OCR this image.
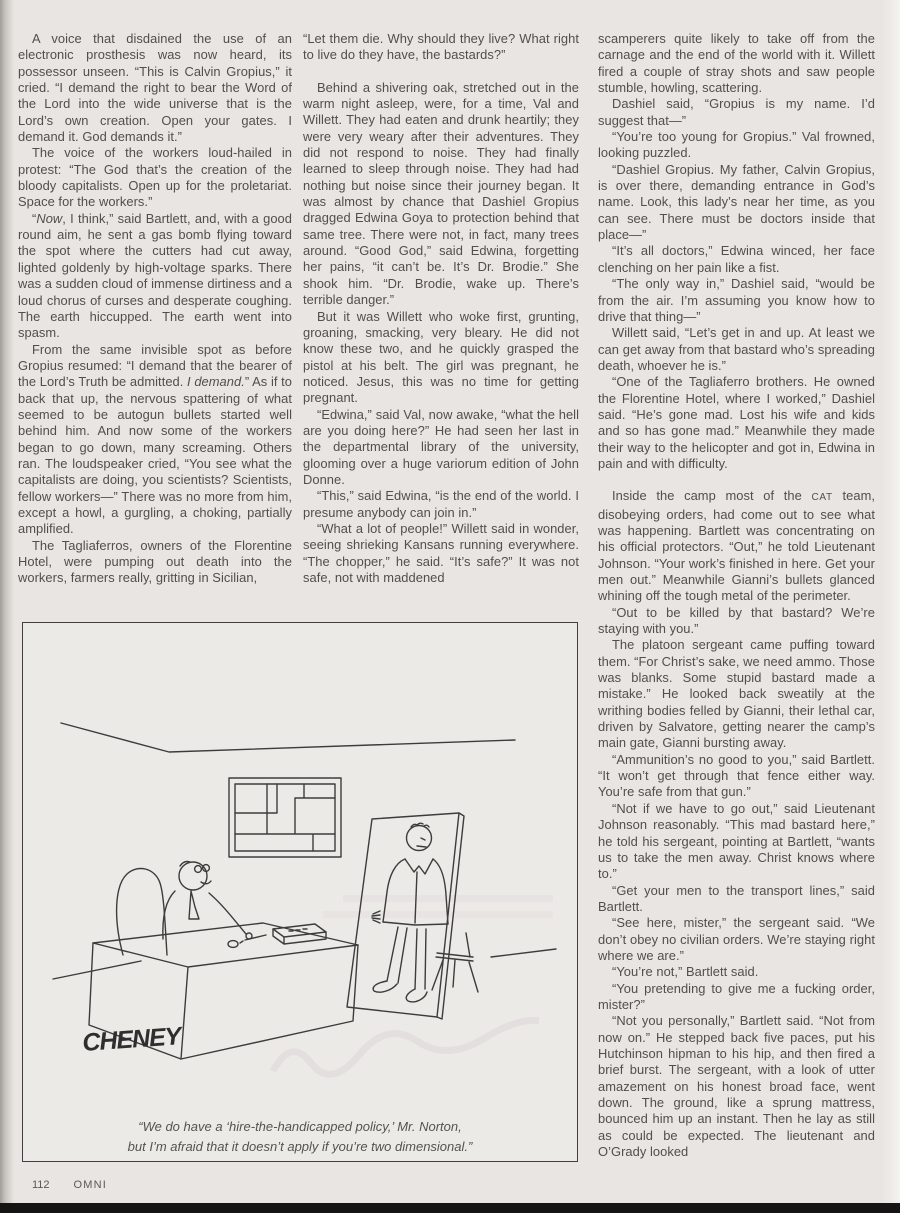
A voice that disdained the use of an electronic prosthesis was now heard, its possessor unseen. “This is Calvin Gropius,” it cried. “I demand the right to bear the Word of the Lord into the wide universe that is the Lord’s own creation. Open your gates. I demand it. God demands it.”

The voice of the workers loud-hailed in protest: “The God that’s the creation of the bloody capitalists. Open up for the proletariat. Space for the workers.”

“Now, I think,” said Bartlett, and, with a good round aim, he sent a gas bomb flying toward the spot where the cutters had cut away, lighted goldenly by high-voltage sparks. There was a sudden cloud of immense dirtiness and a loud chorus of curses and desperate coughing. The earth hiccupped. The earth went into spasm.

From the same invisible spot as before Gropius resumed: “I demand that the bearer of the Lord’s Truth be admitted. I demand.” As if to back that up, the nervous spattering of what seemed to be autogun bullets started well behind him. And now some of the workers began to go down, many screaming. Others ran. The loudspeaker cried, “You see what the capitalists are doing, you scientists? Scientists, fellow workers—” There was no more from him, except a howl, a gurgling, a choking, partially amplified.

The Tagliaferros, owners of the Florentine Hotel, were pumping out death into the workers, farmers really, gritting in Sicilian,

“Let them die. Why should they live? What right to live do they have, the bastards?”

Behind a shivering oak, stretched out in the warm night asleep, were, for a time, Val and Willett. They had eaten and drunk heartily; they were very weary after their adventures. They did not respond to noise. They had finally learned to sleep through noise. They had had nothing but noise since their journey began. It was almost by chance that Dashiel Gropius dragged Edwina Goya to protection behind that same tree. There were not, in fact, many trees around. “Good God,” said Edwina, forgetting her pains, “it can’t be. It’s Dr. Brodie.” She shook him. “Dr. Brodie, wake up. There’s terrible danger.”

But it was Willett who woke first, grunting, groaning, smacking, very bleary. He did not know these two, and he quickly grasped the pistol at his belt. The girl was pregnant, he noticed. Jesus, this was no time for getting pregnant.

“Edwina,” said Val, now awake, “what the hell are you doing here?” He had seen her last in the departmental library of the university, glooming over a huge variorum edition of John Donne.

“This,” said Edwina, “is the end of the world. I presume anybody can join in.”

“What a lot of people!” Willett said in wonder, seeing shrieking Kansans running everywhere. “The chopper,” he said. “It’s safe?” It was not safe, not with maddened

scamperers quite likely to take off from the carnage and the end of the world with it. Willett fired a couple of stray shots and saw people stumble, howling, scattering.

Dashiel said, “Gropius is my name. I’d suggest that—”

“You’re too young for Gropius.” Val frowned, looking puzzled.

“Dashiel Gropius. My father, Calvin Gropius, is over there, demanding entrance in God’s name. Look, this lady’s near her time, as you can see. There must be doctors inside that place—”

“It’s all doctors,” Edwina winced, her face clenching on her pain like a fist.

“The only way in,” Dashiel said, “would be from the air. I’m assuming you know how to drive that thing—”

Willett said, “Let’s get in and up. At least we can get away from that bastard who’s spreading death, whoever he is.”

“One of the Tagliaferro brothers. He owned the Florentine Hotel, where I worked,” Dashiel said. “He’s gone mad. Lost his wife and kids and so has gone mad.” Meanwhile they made their way to the helicopter and got in, Edwina in pain and with difficulty.

Inside the camp most of the CAT team, disobeying orders, had come out to see what was happening. Bartlett was concentrating on his official protectors. “Out,” he told Lieutenant Johnson. “Your work’s finished in here. Get your men out.” Meanwhile Gianni’s bullets glanced whining off the tough metal of the perimeter.

“Out to be killed by that bastard? We’re staying with you.”

The platoon sergeant came puffing toward them. “For Christ’s sake, we need ammo. Those was blanks. Some stupid bastard made a mistake.” He looked back sweatily at the writhing bodies felled by Gianni, their lethal car, driven by Salvatore, getting nearer the camp’s main gate, Gianni bursting away.

“Ammunition’s no good to you,” said Bartlett. “It won’t get through that fence either way. You’re safe from that gun.”

“Not if we have to go out,” said Lieutenant Johnson reasonably. “This mad bastard here,” he told his sergeant, pointing at Bartlett, “wants us to take the men away. Christ knows where to.”

“Get your men to the transport lines,” said Bartlett.

“See here, mister,” the sergeant said. “We don’t obey no civilian orders. We’re staying right where we are.”

“You’re not,” Bartlett said.

“You pretending to give me a fucking order, mister?”

“Not you personally,” Bartlett said. “Not from now on.” He stepped back five paces, put his Hutchinson hipman to his hip, and then fired a brief burst. The sergeant, with a look of utter amazement on his honest broad face, went down. The ground, like a sprung mattress, bounced him up an instant. Then he lay as still as could be expected. The lieutenant and O’Grady looked

CHENEY
“We do have a ‘hire-the-handicapped policy,’ Mr. Norton,
but I’m afraid that it doesn’t apply if you’re two dimensional.”
112 OMNI
